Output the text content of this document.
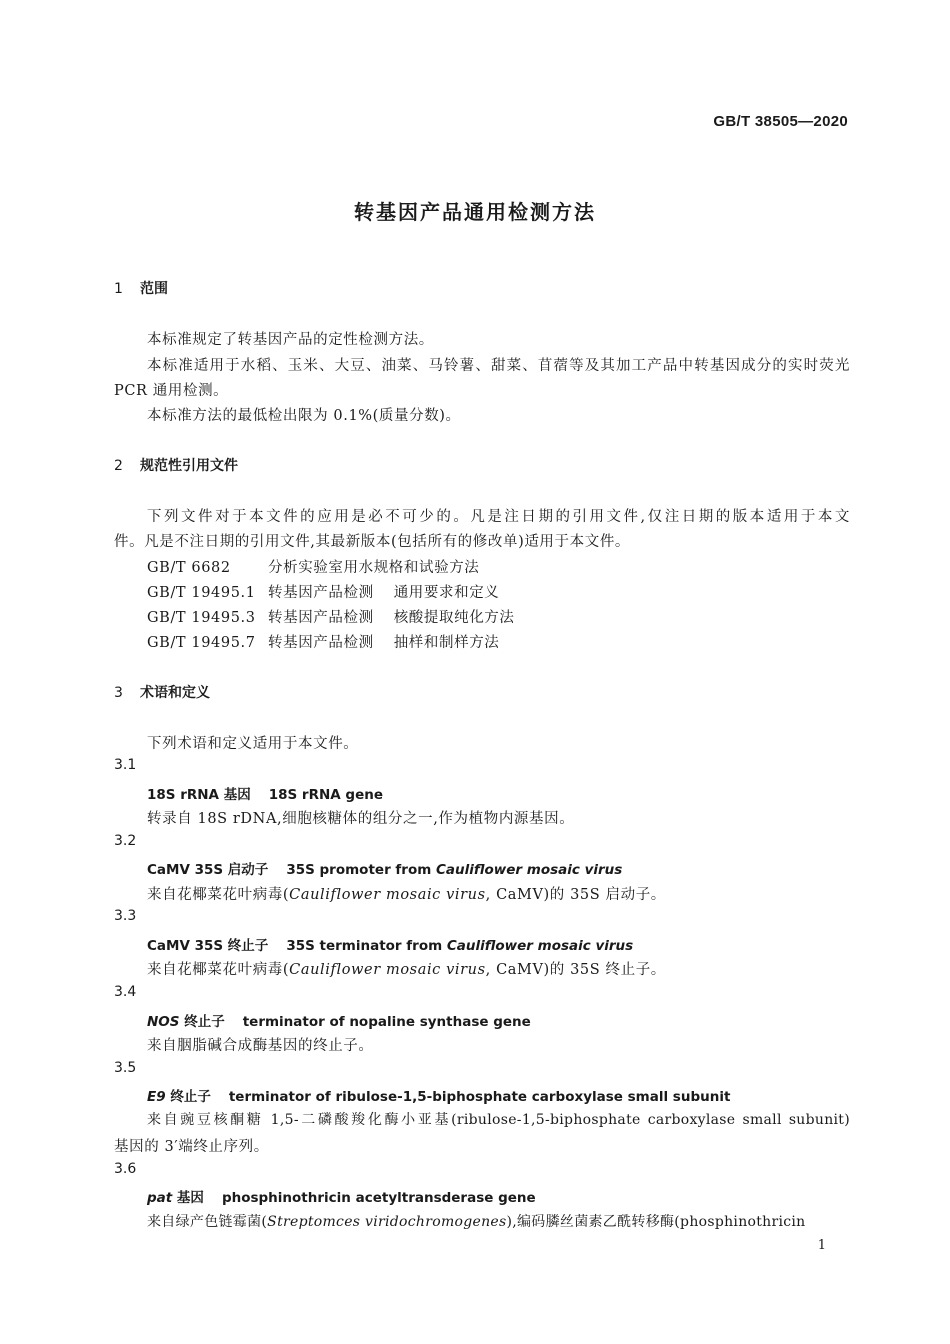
GB/T 38505—2020
转基因产品通用检测方法
1 范围
本标准规定了转基因产品的定性检测方法。
本标准适用于水稻、玉米、大豆、油菜、马铃薯、甜菜、苜蓿等及其加工产品中转基因成分的实时荧光
PCR 通用检测。
本标准方法的最低检出限为 0.1%(质量分数)。
2 规范性引用文件
下列文件对于本文件的应用是必不可少的。凡是注日期的引用文件,仅注日期的版本适用于本文
件。凡是不注日期的引用文件,其最新版本(包括所有的修改单)适用于本文件。
GB/T 6682	分析实验室用水规格和试验方法
GB/T 19495.1 转基因产品检测 通用要求和定义
GB/T 19495.3 转基因产品检测 核酸提取纯化方法
GB/T 19495.7 转基因产品检测 抽样和制样方法
3 术语和定义
下列术语和定义适用于本文件。
3.1
18S rRNA 基因 18S rRNA gene
转录自 18S rDNA,细胞核糖体的组分之一,作为植物内源基因。
3.2
CaMV 35S 启动子 35S promoter from Cauliflower mosaic virus
来自花椰菜花叶病毒(Cauliflower mosaic virus, CaMV)的 35S 启动子。
3.3
CaMV 35S 终止子 35S terminator from Cauliflower mosaic virus
来自花椰菜花叶病毒(Cauliflower mosaic virus, CaMV)的 35S 终止子。
3.4
NOS 终止子 terminator of nopaline synthase gene
来自胭脂碱合成酶基因的终止子。
3.5
E9 终止子 terminator of ribulose-1,5-biphosphate carboxylase small subunit
来自豌豆核酮糖 1,5-二磷酸羧化酶小亚基(ribulose-1,5-biphosphate carboxylase small subunit)
基因的 3′端终止序列。
3.6
pat 基因 phosphinothricin acetyltransderase gene
来自绿产色链霉菌(Streptomces viridochromogenes),编码膦丝菌素乙酰转移酶(phosphinothricin
1
